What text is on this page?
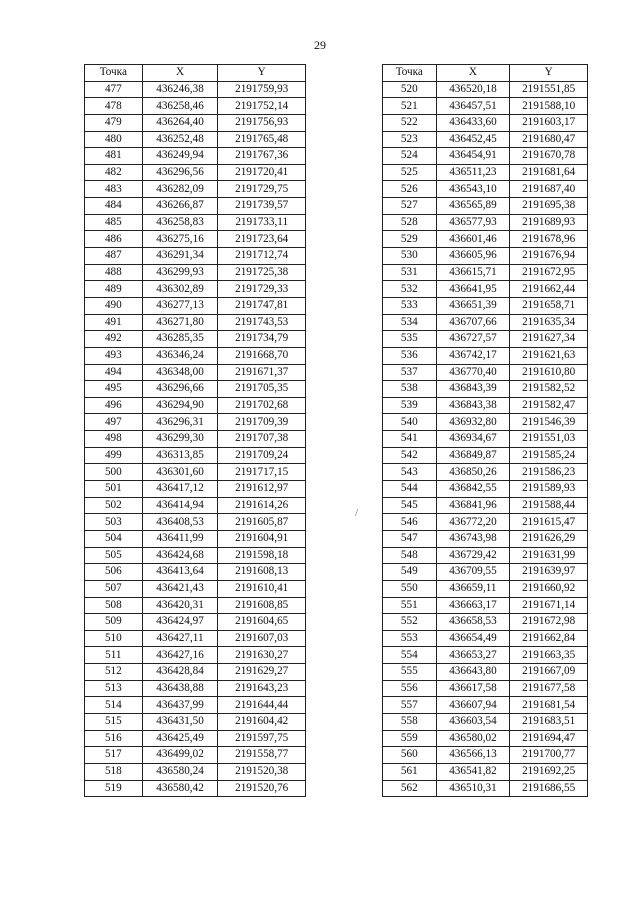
29
Точка	X	Y
477	436246,38	2191759,93
478	436258,46	2191752,14
479	436264,40	2191756,93
480	436252,48	2191765,48
481	436249,94	2191767,36
482	436296,56	2191720,41
483	436282,09	2191729,75
484	436266,87	2191739,57
485	436258,83	2191733,11
486	436275,16	2191723,64
487	436291,34	2191712,74
488	436299,93	2191725,38
489	436302,89	2191729,33
490	436277,13	2191747,81
491	436271,80	2191743,53
492	436285,35	2191734,79
493	436346,24	2191668,70
494	436348,00	2191671,37
495	436296,66	2191705,35
496	436294,90	2191702,68
497	436296,31	2191709,39
498	436299,30	2191707,38
499	436313,85	2191709,24
500	436301,60	2191717,15
501	436417,12	2191612,97
502	436414,94	2191614,26
503	436408,53	2191605,87
504	436411,99	2191604,91
505	436424,68	2191598,18
506	436413,64	2191608,13
507	436421,43	2191610,41
508	436420,31	2191608,85
509	436424,97	2191604,65
510	436427,11	2191607,03
511	436427,16	2191630,27
512	436428,84	2191629,27
513	436438,88	2191643,23
514	436437,99	2191644,44
515	436431,50	2191604,42
516	436425,49	2191597,75
517	436499,02	2191558,77
518	436580,24	2191520,38
519	436580,42	2191520,76
Точка	X	Y
520	436520,18	2191551,85
521	436457,51	2191588,10
522	436433,60	2191603,17
523	436452,45	2191680,47
524	436454,91	2191670,78
525	436511,23	2191681,64
526	436543,10	2191687,40
527	436565,89	2191695,38
528	436577,93	2191689,93
529	436601,46	2191678,96
530	436605,96	2191676,94
531	436615,71	2191672,95
532	436641,95	2191662,44
533	436651,39	2191658,71
534	436707,66	2191635,34
535	436727,57	2191627,34
536	436742,17	2191621,63
537	436770,40	2191610,80
538	436843,39	2191582,52
539	436843,38	2191582,47
540	436932,80	2191546,39
541	436934,67	2191551,03
542	436849,87	2191585,24
543	436850,26	2191586,23
544	436842,55	2191589,93
545	436841,96	2191588,44
546	436772,20	2191615,47
547	436743,98	2191626,29
548	436729,42	2191631,99
549	436709,55	2191639,97
550	436659,11	2191660,92
551	436663,17	2191671,14
552	436658,53	2191672,98
553	436654,49	2191662,84
554	436653,27	2191663,35
555	436643,80	2191667,09
556	436617,58	2191677,58
557	436607,94	2191681,54
558	436603,54	2191683,51
559	436580,02	2191694,47
560	436566,13	2191700,77
561	436541,82	2191692,25
562	436510,31	2191686,55
/
